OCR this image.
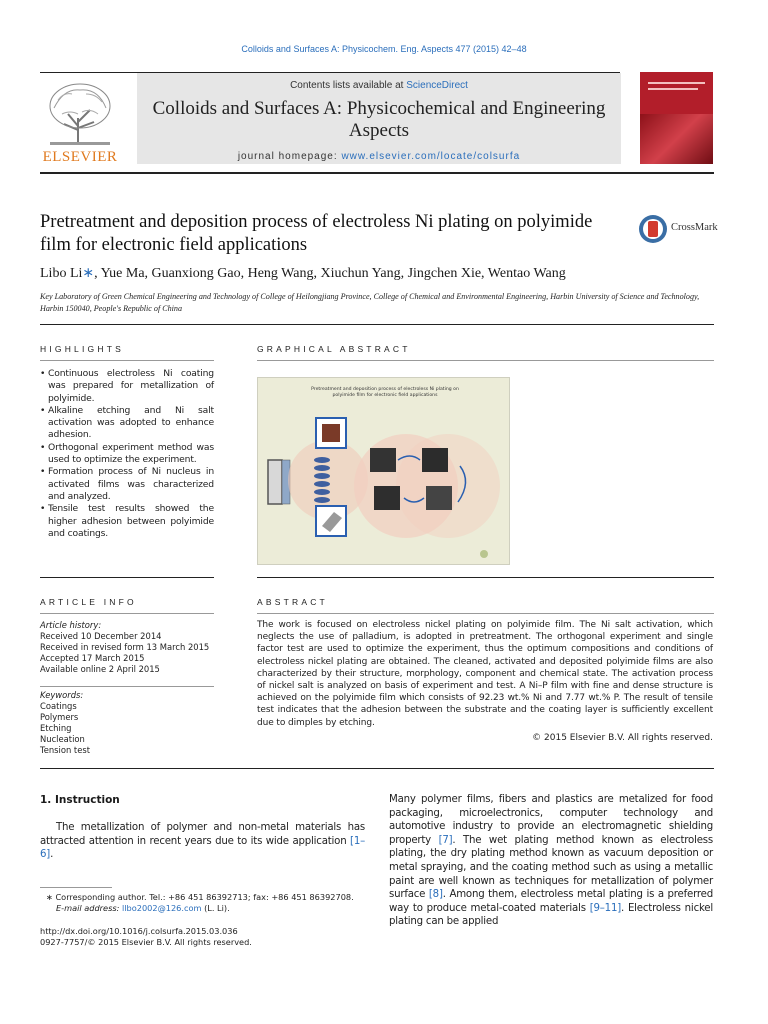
Colloids and Surfaces A: Physicochem. Eng. Aspects 477 (2015) 42–48
ELSEVIER
Contents lists available at ScienceDirect
Colloids and Surfaces A: Physicochemical and Engineering Aspects
journal homepage: www.elsevier.com/locate/colsurfa
Pretreatment and deposition process of electroless Ni plating on polyimide film for electronic field applications
CrossMark
Libo Li∗, Yue Ma, Guanxiong Gao, Heng Wang, Xiuchun Yang, Jingchen Xie, Wentao Wang
Key Laboratory of Green Chemical Engineering and Technology of College of Heilongjiang Province, College of Chemical and Environmental Engineering, Harbin University of Science and Technology, Harbin 150040, People's Republic of China
HIGHLIGHTS
• Continuous electroless Ni coating was prepared for metallization of polyimide.
• Alkaline etching and Ni salt activation was adopted to enhance adhesion.
• Orthogonal experiment method was used to optimize the experiment.
• Formation process of Ni nucleus in activated films was characterized and analyzed.
• Tensile test results showed the higher adhesion between polyimide and coatings.
GRAPHICAL ABSTRACT
Pretreatment and deposition process of electroless Ni plating on polyimide film for electronic field applications
ARTICLE INFO
Article history:
Received 10 December 2014
Received in revised form 13 March 2015
Accepted 17 March 2015
Available online 2 April 2015
Keywords:
Coatings
Polymers
Etching
Nucleation
Tension test
ABSTRACT
The work is focused on electroless nickel plating on polyimide film. The Ni salt activation, which neglects the use of palladium, is adopted in pretreatment. The orthogonal experiment and single factor test are used to optimize the experiment, thus the optimum compositions and conditions of electroless nickel plating are obtained. The cleaned, activated and deposited polyimide films are also characterized by their structure, morphology, component and chemical state. The activation process of nickel salt is analyzed on basis of experiment and test. A Ni–P film with fine and dense structure is achieved on the polyimide film which consists of 92.23 wt.% Ni and 7.77 wt.% P. The result of tensile test indicates that the adhesion between the substrate and the coating layer is sufficiently excellent due to dimples by etching.
© 2015 Elsevier B.V. All rights reserved.
1. Instruction
The metallization of polymer and non-metal materials has attracted attention in recent years due to its wide application [1–6].
∗ Corresponding author. Tel.: +86 451 86392713; fax: +86 451 86392708.
E-mail address: llbo2002@126.com (L. Li).
http://dx.doi.org/10.1016/j.colsurfa.2015.03.036
0927-7757/© 2015 Elsevier B.V. All rights reserved.
Many polymer films, fibers and plastics are metalized for food packaging, microelectronics, computer technology and automotive industry to provide an electromagnetic shielding property [7]. The wet plating method known as electroless plating, the dry plating method known as vacuum deposition or metal spraying, and the coating method such as using a metallic paint are well known as techniques for metallization of polymer surface [8]. Among them, electroless metal plating is a preferred way to produce metal-coated materials [9–11]. Electroless nickel plating can be applied
